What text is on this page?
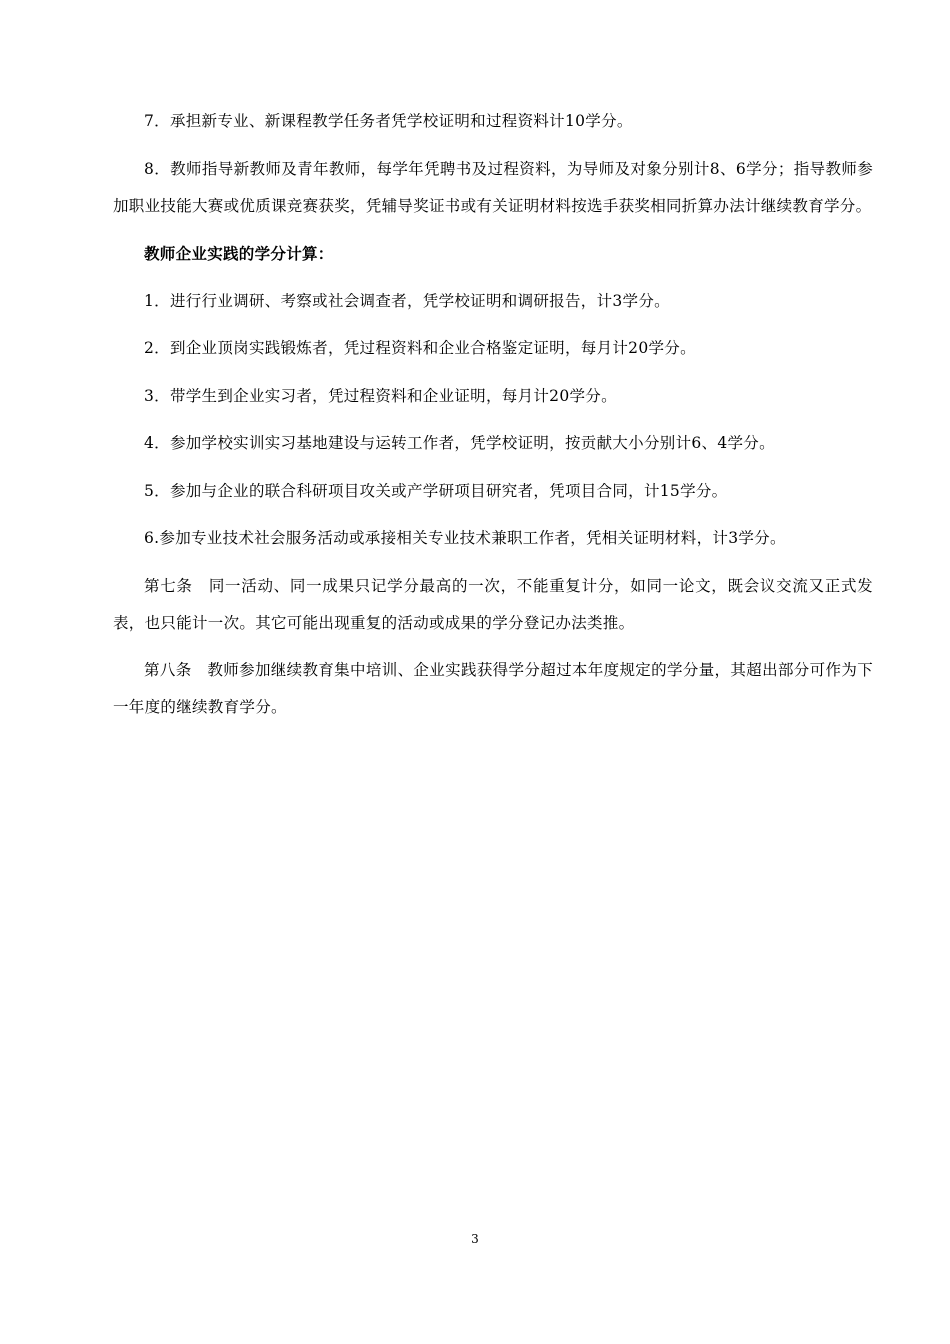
7．承担新专业、新课程教学任务者凭学校证明和过程资料计10学分。

8．教师指导新教师及青年教师，每学年凭聘书及过程资料，为导师及对象分别计8、6学分；指导教师参加职业技能大赛或优质课竞赛获奖，凭辅导奖证书或有关证明材料按选手获奖相同折算办法计继续教育学分。

教师企业实践的学分计算：

1．进行行业调研、考察或社会调查者，凭学校证明和调研报告，计3学分。

2．到企业顶岗实践锻炼者，凭过程资料和企业合格鉴定证明，每月计20学分。

3．带学生到企业实习者，凭过程资料和企业证明，每月计20学分。

4．参加学校实训实习基地建设与运转工作者，凭学校证明，按贡献大小分别计6、4学分。

5．参加与企业的联合科研项目攻关或产学研项目研究者，凭项目合同，计15学分。

6.参加专业技术社会服务活动或承接相关专业技术兼职工作者，凭相关证明材料，计3学分。

第七条　同一活动、同一成果只记学分最高的一次，不能重复计分，如同一论文，既会议交流又正式发表，也只能计一次。其它可能出现重复的活动或成果的学分登记办法类推。

第八条　教师参加继续教育集中培训、企业实践获得学分超过本年度规定的学分量，其超出部分可作为下一年度的继续教育学分。

3
